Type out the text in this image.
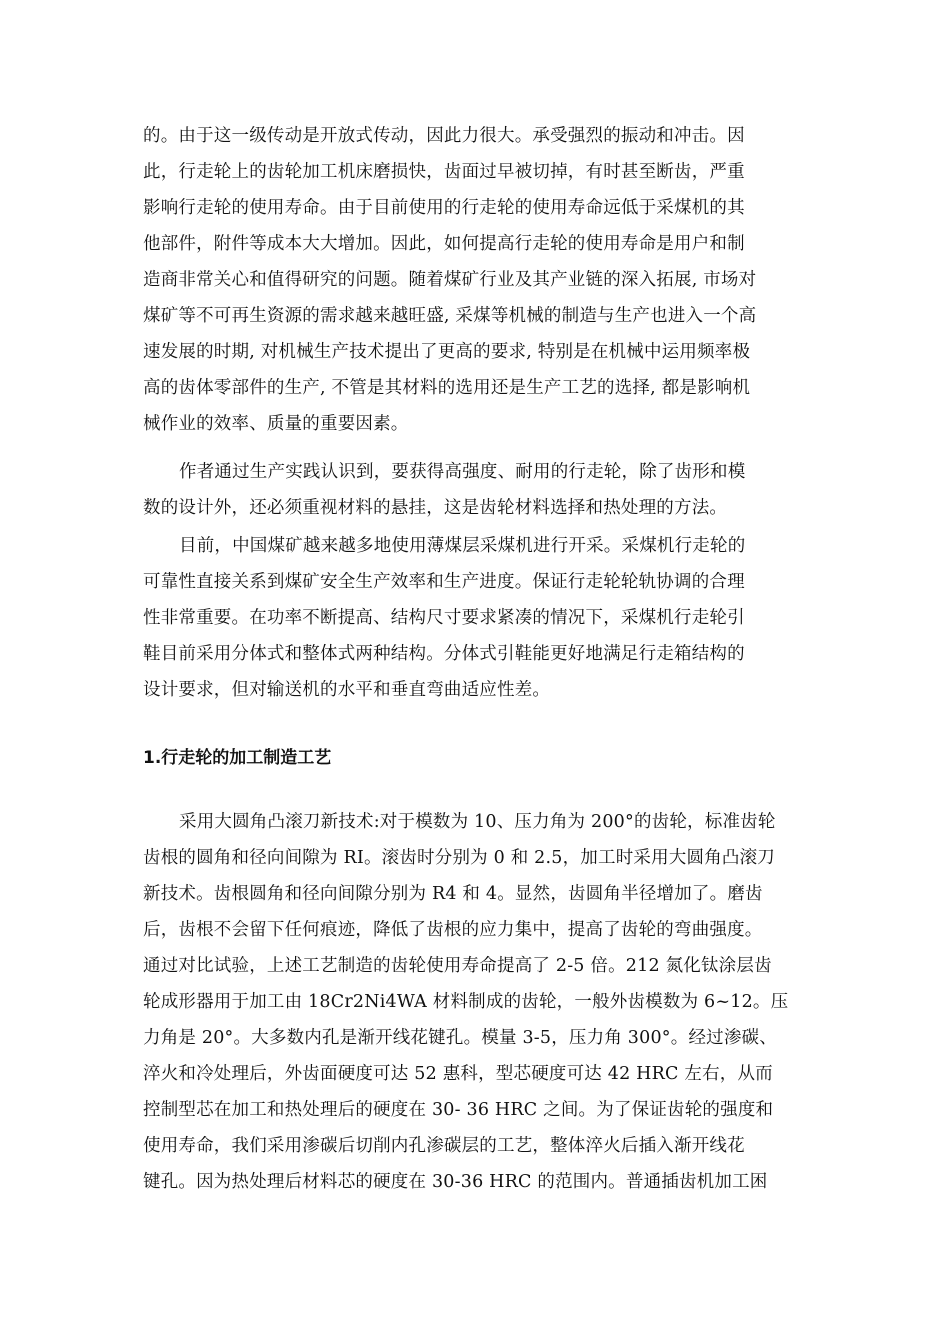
的。由于这一级传动是开放式传动，因此力很大。承受强烈的振动和冲击。因
此，行走轮上的齿轮加工机床磨损快，齿面过早被切掉，有时甚至断齿，严重
影响行走轮的使用寿命。由于目前使用的行走轮的使用寿命远低于采煤机的其
他部件，附件等成本大大增加。因此，如何提高行走轮的使用寿命是用户和制
造商非常关心和值得研究的问题。随着煤矿行业及其产业链的深入拓展, 市场对
煤矿等不可再生资源的需求越来越旺盛, 采煤等机械的制造与生产也进入一个高
速发展的时期, 对机械生产技术提出了更高的要求, 特别是在机械中运用频率极
高的齿体零部件的生产, 不管是其材料的选用还是生产工艺的选择, 都是影响机
械作业的效率、质量的重要因素。
作者通过生产实践认识到，要获得高强度、耐用的行走轮，除了齿形和模
数的设计外，还必须重视材料的悬挂，这是齿轮材料选择和热处理的方法。
目前，中国煤矿越来越多地使用薄煤层采煤机进行开采。采煤机行走轮的
可靠性直接关系到煤矿安全生产效率和生产进度。保证行走轮轮轨协调的合理
性非常重要。在功率不断提高、结构尺寸要求紧凑的情况下，采煤机行走轮引
鞋目前采用分体式和整体式两种结构。分体式引鞋能更好地满足行走箱结构的
设计要求，但对输送机的水平和垂直弯曲适应性差。
1.行走轮的加工制造工艺
采用大圆角凸滚刀新技术:对于模数为 10、压力角为 200°的齿轮，标准齿轮
齿根的圆角和径向间隙为 RI。滚齿时分别为 0 和 2.5，加工时采用大圆角凸滚刀
新技术。齿根圆角和径向间隙分别为 R4 和 4。显然，齿圆角半径增加了。磨齿
后，齿根不会留下任何痕迹，降低了齿根的应力集中，提高了齿轮的弯曲强度。
通过对比试验，上述工艺制造的齿轮使用寿命提高了 2-5 倍。212 氮化钛涂层齿
轮成形器用于加工由 18Cr2Ni4WA 材料制成的齿轮，一般外齿模数为 6~12。压
力角是 20°。大多数内孔是渐开线花键孔。模量 3-5，压力角 300°。经过渗碳、
淬火和冷处理后，外齿面硬度可达 52 惠科，型芯硬度可达 42 HRC 左右，从而
控制型芯在加工和热处理后的硬度在 30- 36 HRC 之间。为了保证齿轮的强度和
使用寿命，我们采用渗碳后切削内孔渗碳层的工艺，整体淬火后插入渐开线花
键孔。因为热处理后材料芯的硬度在 30-36 HRC 的范围内。普通插齿机加工困
